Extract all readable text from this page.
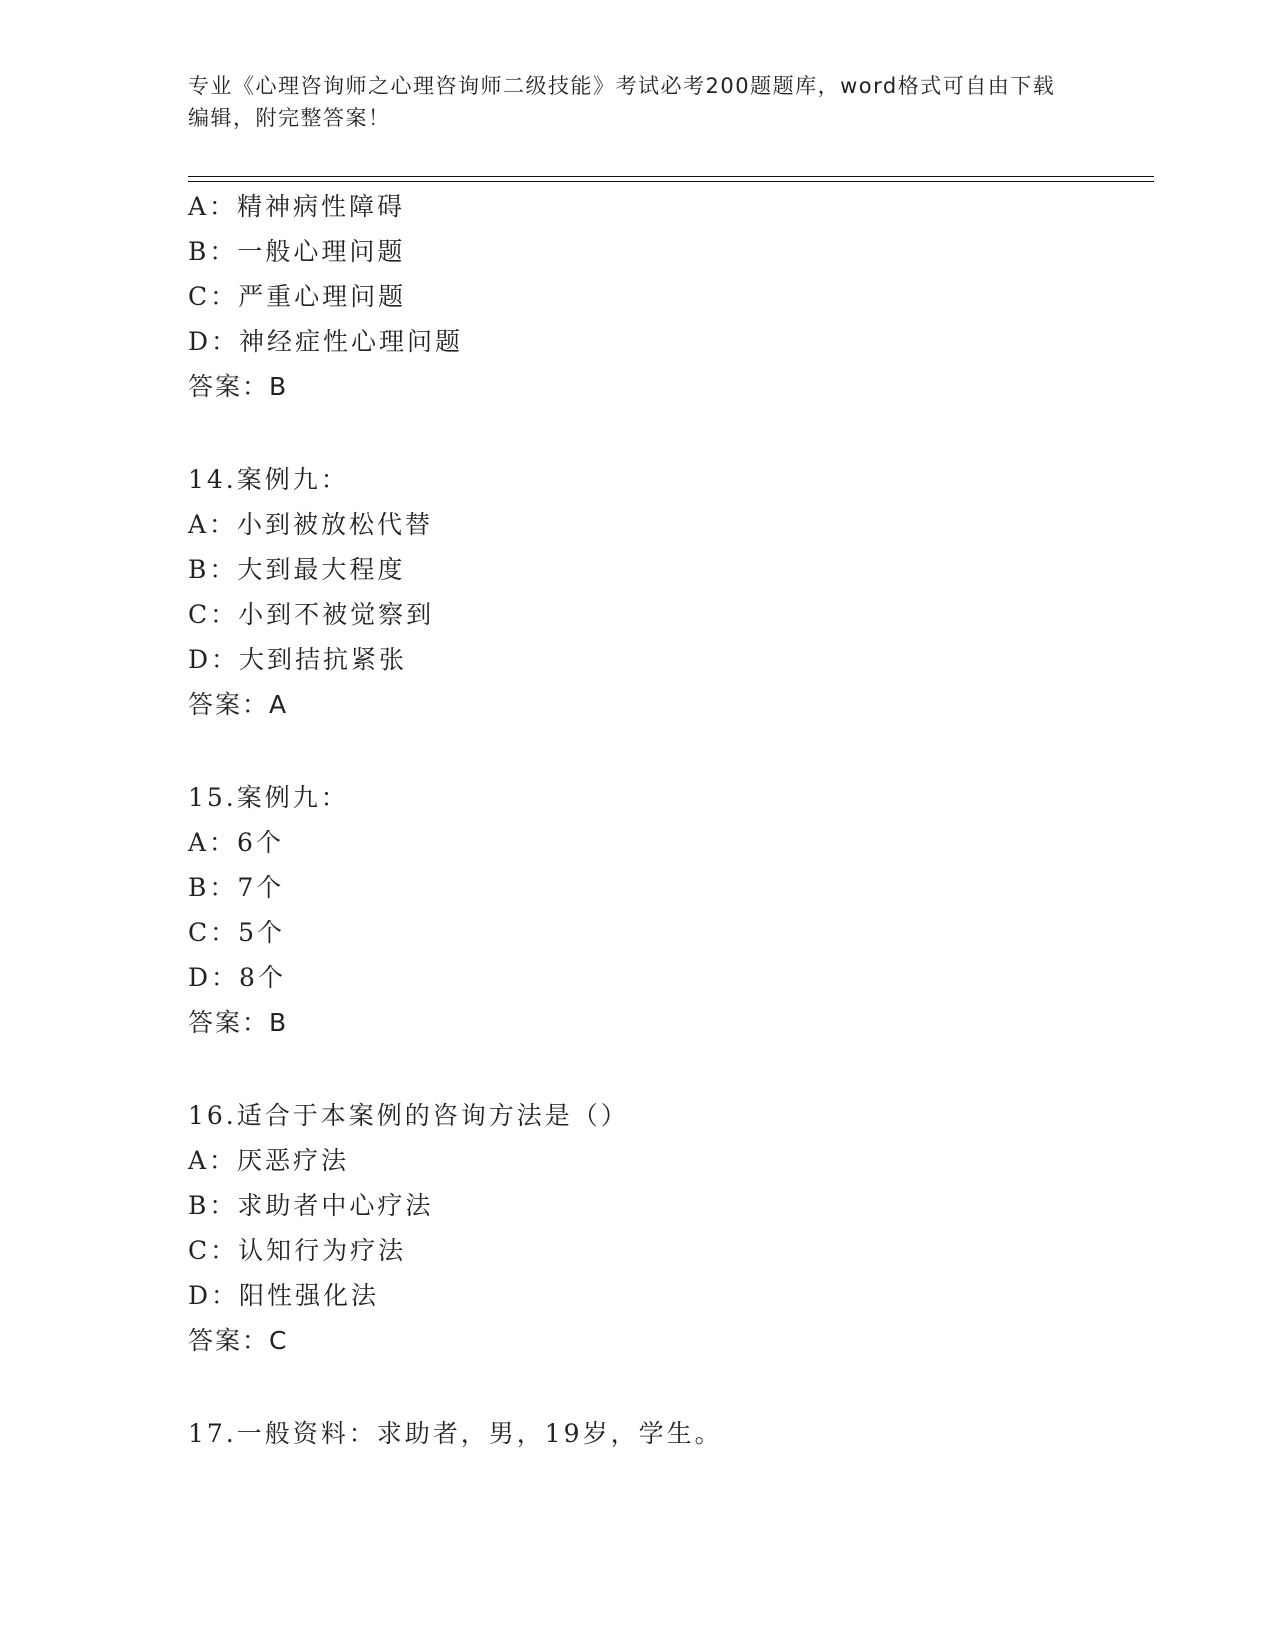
专业《心理咨询师之心理咨询师二级技能》考试必考200题题库，word格式可自由下载编辑，附完整答案！
A：精神病性障碍
B：一般心理问题
C：严重心理问题
D：神经症性心理问题
答案：B
14.案例九：
A：小到被放松代替
B：大到最大程度
C：小到不被觉察到
D：大到拮抗紧张
答案：A
15.案例九：
A：6个
B：7个
C：5个
D：8个
答案：B
16.适合于本案例的咨询方法是（）
A：厌恶疗法
B：求助者中心疗法
C：认知行为疗法
D：阳性强化法
答案：C
17.一般资料：求助者，男，19岁，学生。
